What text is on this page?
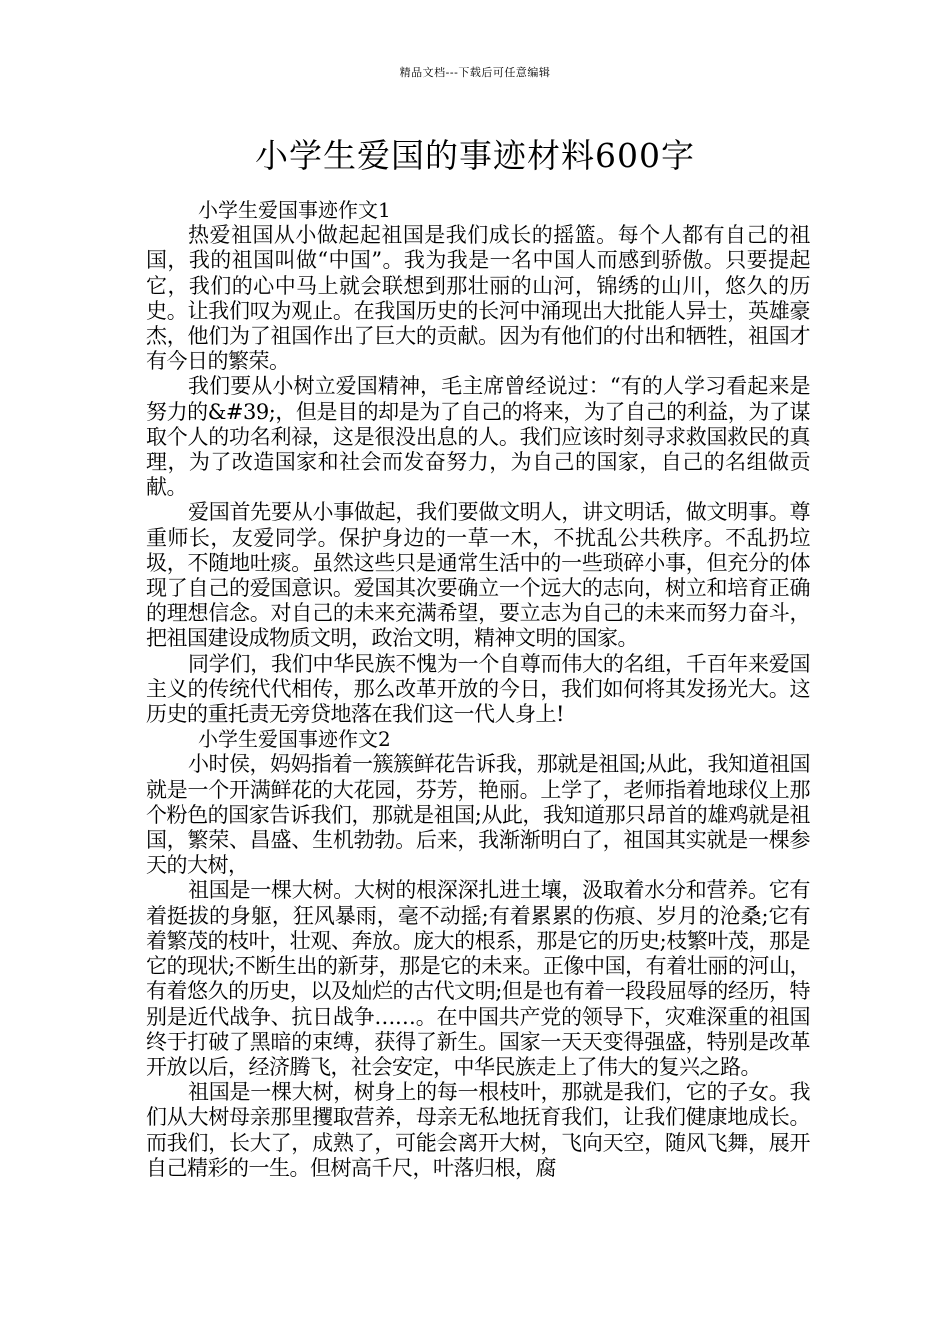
精品文档---下载后可任意编辑
小学生爱国的事迹材料600字
小学生爱国事迹作文1

热爱祖国从小做起起祖国是我们成长的摇篮。每个人都有自己的祖国，我的祖国叫做“中国”。我为我是一名中国人而感到骄傲。只要提起它，我们的心中马上就会联想到那壮丽的山河，锦绣的山川，悠久的历史。让我们叹为观止。在我国历史的长河中涌现出大批能人异士，英雄豪杰，他们为了祖国作出了巨大的贡献。因为有他们的付出和牺牲，祖国才有今日的繁荣。

我们要从小树立爱国精神，毛主席曾经说过：“有的人学习看起来是努力的&#39;，但是目的却是为了自己的将来，为了自己的利益，为了谋取个人的功名利禄，这是很没出息的人。我们应该时刻寻求救国救民的真理，为了改造国家和社会而发奋努力，为自己的国家，自己的名组做贡献。

爱国首先要从小事做起，我们要做文明人，讲文明话，做文明事。尊重师长，友爱同学。保护身边的一草一木，不扰乱公共秩序。不乱扔垃圾，不随地吐痰。虽然这些只是通常生活中的一些琐碎小事，但充分的体现了自己的爱国意识。爱国其次要确立一个远大的志向，树立和培育正确的理想信念。对自己的未来充满希望，要立志为自己的未来而努力奋斗，把祖国建设成物质文明，政治文明，精神文明的国家。

同学们，我们中华民族不愧为一个自尊而伟大的名组，千百年来爱国主义的传统代代相传，那么改革开放的今日，我们如何将其发扬光大。这历史的重托责无旁贷地落在我们这一代人身上!

小学生爱国事迹作文2

小时侯，妈妈指着一簇簇鲜花告诉我，那就是祖国;从此，我知道祖国就是一个开满鲜花的大花园，芬芳，艳丽。上学了，老师指着地球仪上那个粉色的国家告诉我们，那就是祖国;从此，我知道那只昂首的雄鸡就是祖国，繁荣、昌盛、生机勃勃。后来，我渐渐明白了，祖国其实就是一棵参天的大树，

祖国是一棵大树。大树的根深深扎进土壤，汲取着水分和营养。它有着挺拔的身躯，狂风暴雨，毫不动摇;有着累累的伤痕、岁月的沧桑;它有着繁茂的枝叶，壮观、奔放。庞大的根系，那是它的历史;枝繁叶茂，那是它的现状;不断生出的新芽，那是它的未来。正像中国，有着壮丽的河山，有着悠久的历史，以及灿烂的古代文明;但是也有着一段段屈辱的经历，特别是近代战争、抗日战争……。在中国共产党的领导下，灾难深重的祖国终于打破了黑暗的束缚，获得了新生。国家一天天变得强盛，特别是改革开放以后，经济腾飞，社会安定，中华民族走上了伟大的复兴之路。

祖国是一棵大树，树身上的每一根枝叶，那就是我们，它的子女。我们从大树母亲那里攫取营养，母亲无私地抚育我们，让我们健康地成长。而我们，长大了，成熟了，可能会离开大树，飞向天空，随风飞舞，展开自己精彩的一生。但树高千尺，叶落归根，腐
